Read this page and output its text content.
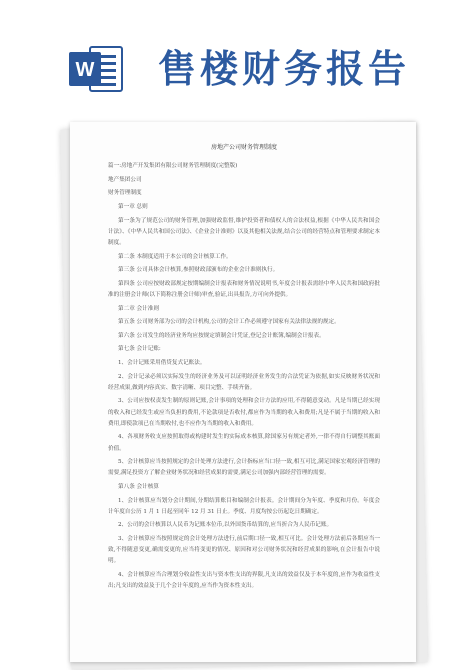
W 售楼财务报告
房地产公司财务管理制度
篇一:房地产开发集团有限公司财务管理制度(完整版)
地产集团公司
财务管理制度
第一章 总则
第一条为了规范公司的财务管理,加强财政监督,维护投资者和债权人的合法权益,根据《中华人民共和国会计法》、《中华人民共和国公司法》、《企业会计准则》以及其他相关法规,结合公司的经营特点和管理要求制定本制度。
第二条 本制度适用于本公司的会计核算工作。
第三条 公司具体会计核算,参照财政部颁布的企业会计准则执行。
第四条 公司应按财政部规定按期编制会计报表和财务情况说明书,年度会计报表需经中华人民共和国政府批准的注册会计师(以下简称注册会计师)审查,验证,出具报告,方可向外提供。
第二章 会计准则
第五条 公司财务部为公司的会计机构,公司的会计工作必须遵守国家有关法律法规的规定。
第六条 公司发生的经济业务均应按规定填制会计凭证,登记会计账簿,编制会计报表。
第七条 会计记账:
1、会计记账采用借贷复式记账法。
2、会计记录必须以实际发生的经济业务及可以证明经济业务发生的合法凭证为依据,如实反映财务状况和经营成果,做到内容真实、数字清晰、项目完整、手续齐备。
3、公司应按权责发生制的原则记账,会计事项的处理和会计方法的应用,不得随意变动。凡是当期已经实现的收入和已经发生或应当负担的费用,不论款项是否收付,都应作为当期的收入和费用;凡是不属于当期的收入和费用,即使款项已在当期收付,也不应作为当期的收入和费用。
4、各项财务收支应按照取得或构建时发生的实际成本核算,除国家另有规定者外,一律不得自行调整其账面价值。
5、会计核算应当按照规定的会计处理方法进行,会计指标应当口径一致,相互可比,满足国家宏观经济管理的需要,满足投资方了解企业财务状况和经营成果的需要,满足公司加强内部经营管理的需要。
第八条 会计核算
1、会计核算应当划分会计期间,分期结算账目和编制会计报表。会计期间分为年度、季度和月份。年度会计年度自公历 1 月 1 日起至同年 12 月 31 日止。季度、月度均按公历起讫日期确定。
2、公司的会计核算以人民币为记账本位币,以外国货币结算的,应当折合为人民币记账。
3、会计核算应当按照规定的会计处理方法进行,前后期口径一致,相互可比。会计处理方法前后各期应当一致,不得随意变更,确需变更的,应当将变更的情况、原因和对公司财务状况和经营成果的影响,在会计报告中说明。
4、会计核算应当合理划分收益性支出与资本性支出的界限,凡支出的效益仅及于本年度的,应作为收益性支出;凡支出的效益及于几个会计年度的,应当作为资本性支出。
